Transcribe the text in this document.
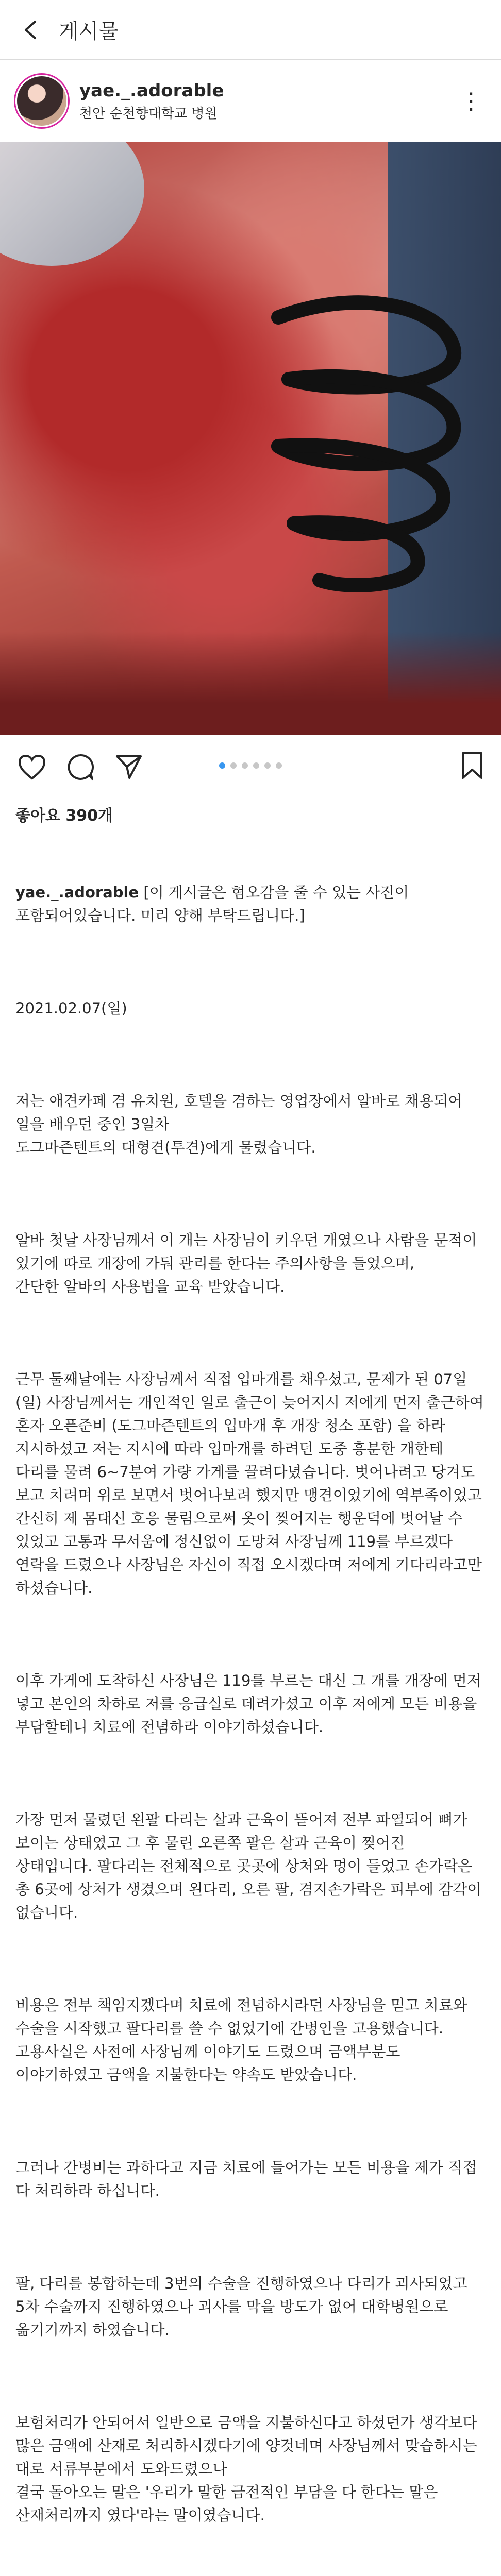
게시물
yae._.adorable
천안 순천향대학교 병원	⋮
좋아요 390개

yae._.adorable [이 게시글은 혐오감을 줄 수 있는 사진이 포함되어있습니다. 미리 양해 부탁드립니다.]

2021.02.07(일)

저는 애견카페 겸 유치원, 호텔을 겸하는 영업장에서 알바로 채용되어 일을 배우던 중인 3일차
도그마즌텐트의 대형견(투견)에게 물렸습니다.

알바 첫날 사장님께서 이 개는 사장님이 키우던 개였으나 사람을 문적이 있기에 따로 개장에 가둬 관리를 한다는 주의사항을 들었으며,
간단한 알바의 사용법을 교육 받았습니다.

근무 둘째날에는 사장님께서 직접 입마개를 채우셨고, 문제가 된 07일(일) 사장님께서는 개인적인 일로 출근이 늦어지시 저에게 먼저 출근하여 혼자 오픈준비 (도그마즌텐트의 입마개 후 개장 청소 포함) 을 하라 지시하셨고 저는 지시에 따라 입마개를 하려던 도중 흥분한 개한테 다리를 물려 6~7분여 가량 가게를 끌려다녔습니다. 벗어나려고 당겨도 보고 치려며 위로 보면서 벗어나보려 했지만 맹견이었기에 역부족이었고 간신히 제 몸대신 호응 물림으로써 옷이 찢어지는 행운덕에 벗어날 수 있었고 고통과 무서움에 정신없이 도망쳐 사장님께 119를 부르겠다 연락을 드렸으나 사장님은 자신이 직접 오시겠다며 저에게 기다리라고만 하셨습니다.

이후 가게에 도착하신 사장님은 119를 부르는 대신 그 개를 개장에 먼저 넣고 본인의 차하로 저를 응급실로 데려가셨고 이후 저에게 모든 비용을 부담할테니 치료에 전념하라 이야기하셨습니다.

가장 먼저 물렸던 왼팔 다리는 살과 근육이 뜯어져 전부 파열되어 뼈가 보이는 상태였고 그 후 물린 오른쪽 팔은 살과 근육이 찢어진 상태입니다. 팔다리는 전체적으로 곳곳에 상처와 멍이 들었고 손가락은 총 6곳에 상처가 생겼으며 왼다리, 오른 팔, 겸지손가락은 피부에 감각이 없습니다.

비용은 전부 책임지겠다며 치료에 전념하시라던 사장님을 믿고 치료와 수술을 시작했고 팔다리를 쓸 수 없었기에 간병인을 고용했습니다. 고용사실은 사전에 사장님께 이야기도 드렸으며 금액부분도 이야기하였고 금액을 지불한다는 약속도 받았습니다.

그러나 간병비는 과하다고 지금 치료에 들어가는 모든 비용을 제가 직접 다 처리하라 하십니다.

팔, 다리를 봉합하는데 3번의 수술을 진행하였으나 다리가 괴사되었고 5차 수술까지 진행하였으나 괴사를 막을 방도가 없어 대학병원으로 옮기기까지 하였습니다.

보험처리가 안되어서 일반으로 금액을 지불하신다고 하셨던가 생각보다 많은 금액에 산재로 처리하시겠다기에 양것네며 사장님께서 맞습하시는 대로 서류부분에서 도와드렸으나
결국 돌아오는 말은 '우리가 말한 금전적인 부담을 다 한다는 말은 산재처리까지 였다'라는 말이였습니다.
